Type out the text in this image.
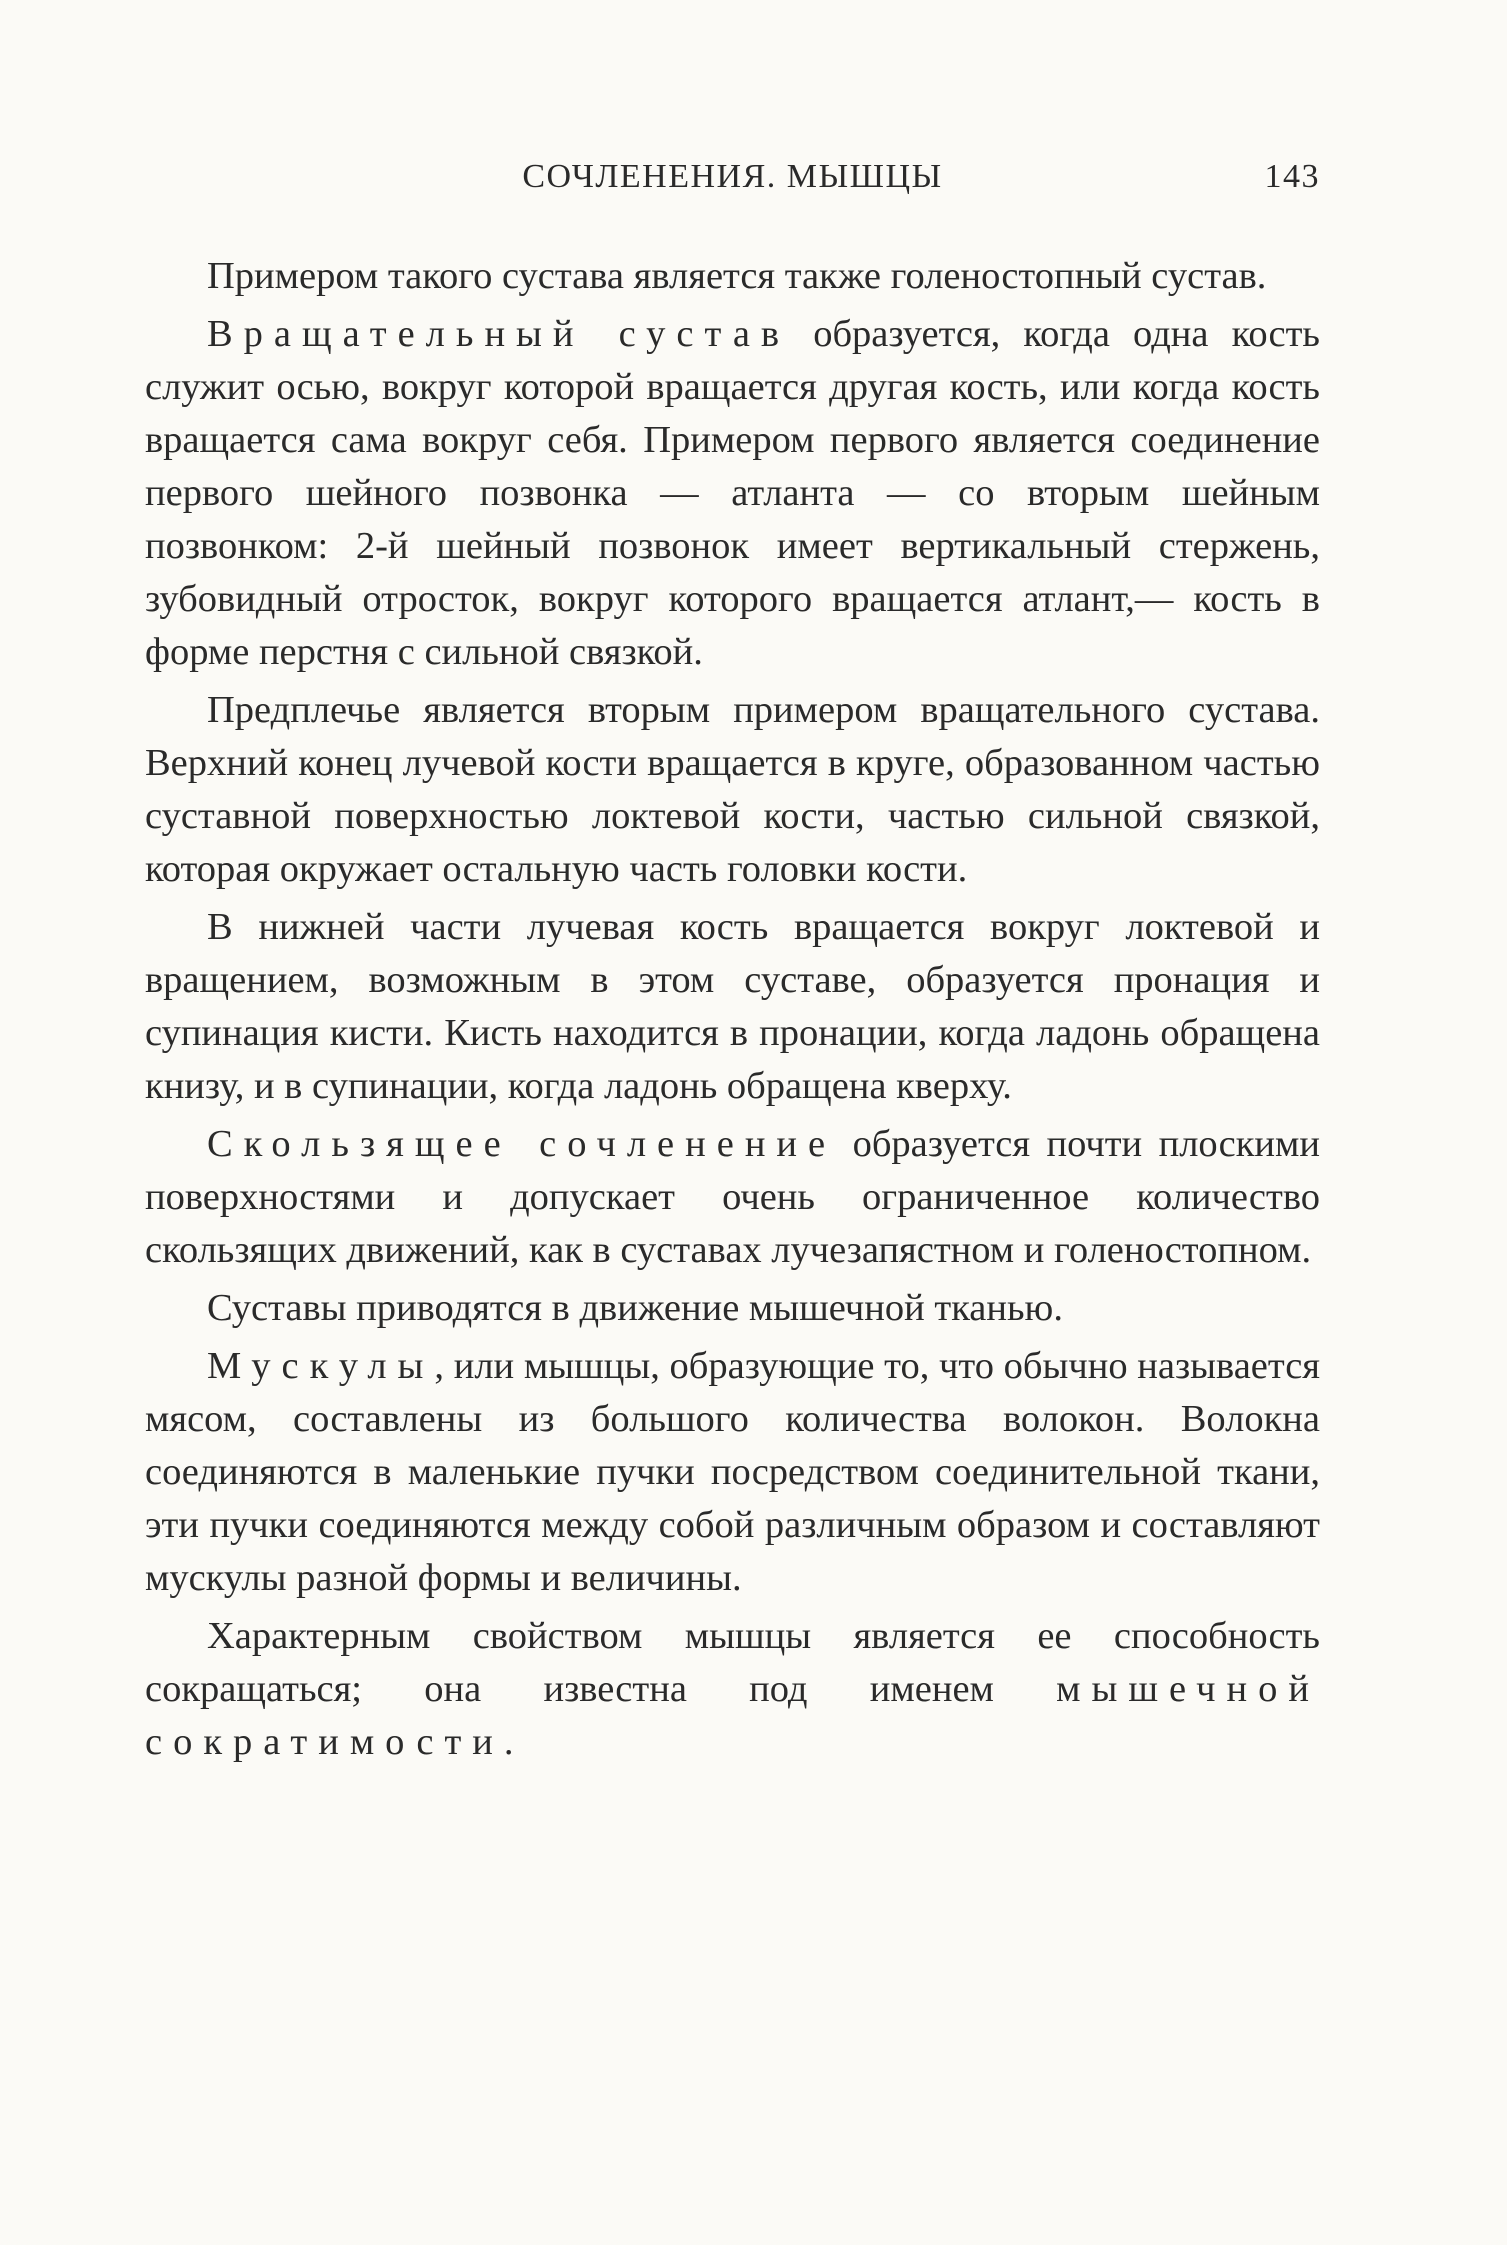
СОЧЛЕНЕНИЯ. МЫШЦЫ	143

Примером такого сустава является также голеностопный сустав.

Вращательный сустав образуется, когда одна кость служит осью, вокруг которой вращается другая кость, или когда кость вращается сама вокруг себя. Примером первого является соединение первого шейного позвонка — атланта — со вторым шейным позвонком: 2-й шейный позвонок имеет вертикальный стержень, зубовидный отросток, вокруг которого вращается атлант,— кость в форме перстня с сильной связкой.

Предплечье является вторым примером вращательного сустава. Верхний конец лучевой кости вращается в круге, образованном частью суставной поверхностью локтевой кости, частью сильной связкой, которая окружает остальную часть головки кости.

В нижней части лучевая кость вращается вокруг локтевой и вращением, возможным в этом суставе, образуется пронация и супинация кисти. Кисть находится в пронации, когда ладонь обращена книзу, и в супинации, когда ладонь обращена кверху.

Скользящее сочленение образуется почти плоскими поверхностями и допускает очень ограниченное количество скользящих движений, как в суставах лучезапястном и голеностопном.

Суставы приводятся в движение мышечной тканью.

Мускулы, или мышцы, образующие то, что обычно называется мясом, составлены из большого количества волокон. Волокна соединяются в маленькие пучки посредством соединительной ткани, эти пучки соединяются между собой различным образом и составляют мускулы разной формы и величины.

Характерным свойством мышцы является ее способность сокращаться; она известна под именем мышечной сократимости.
